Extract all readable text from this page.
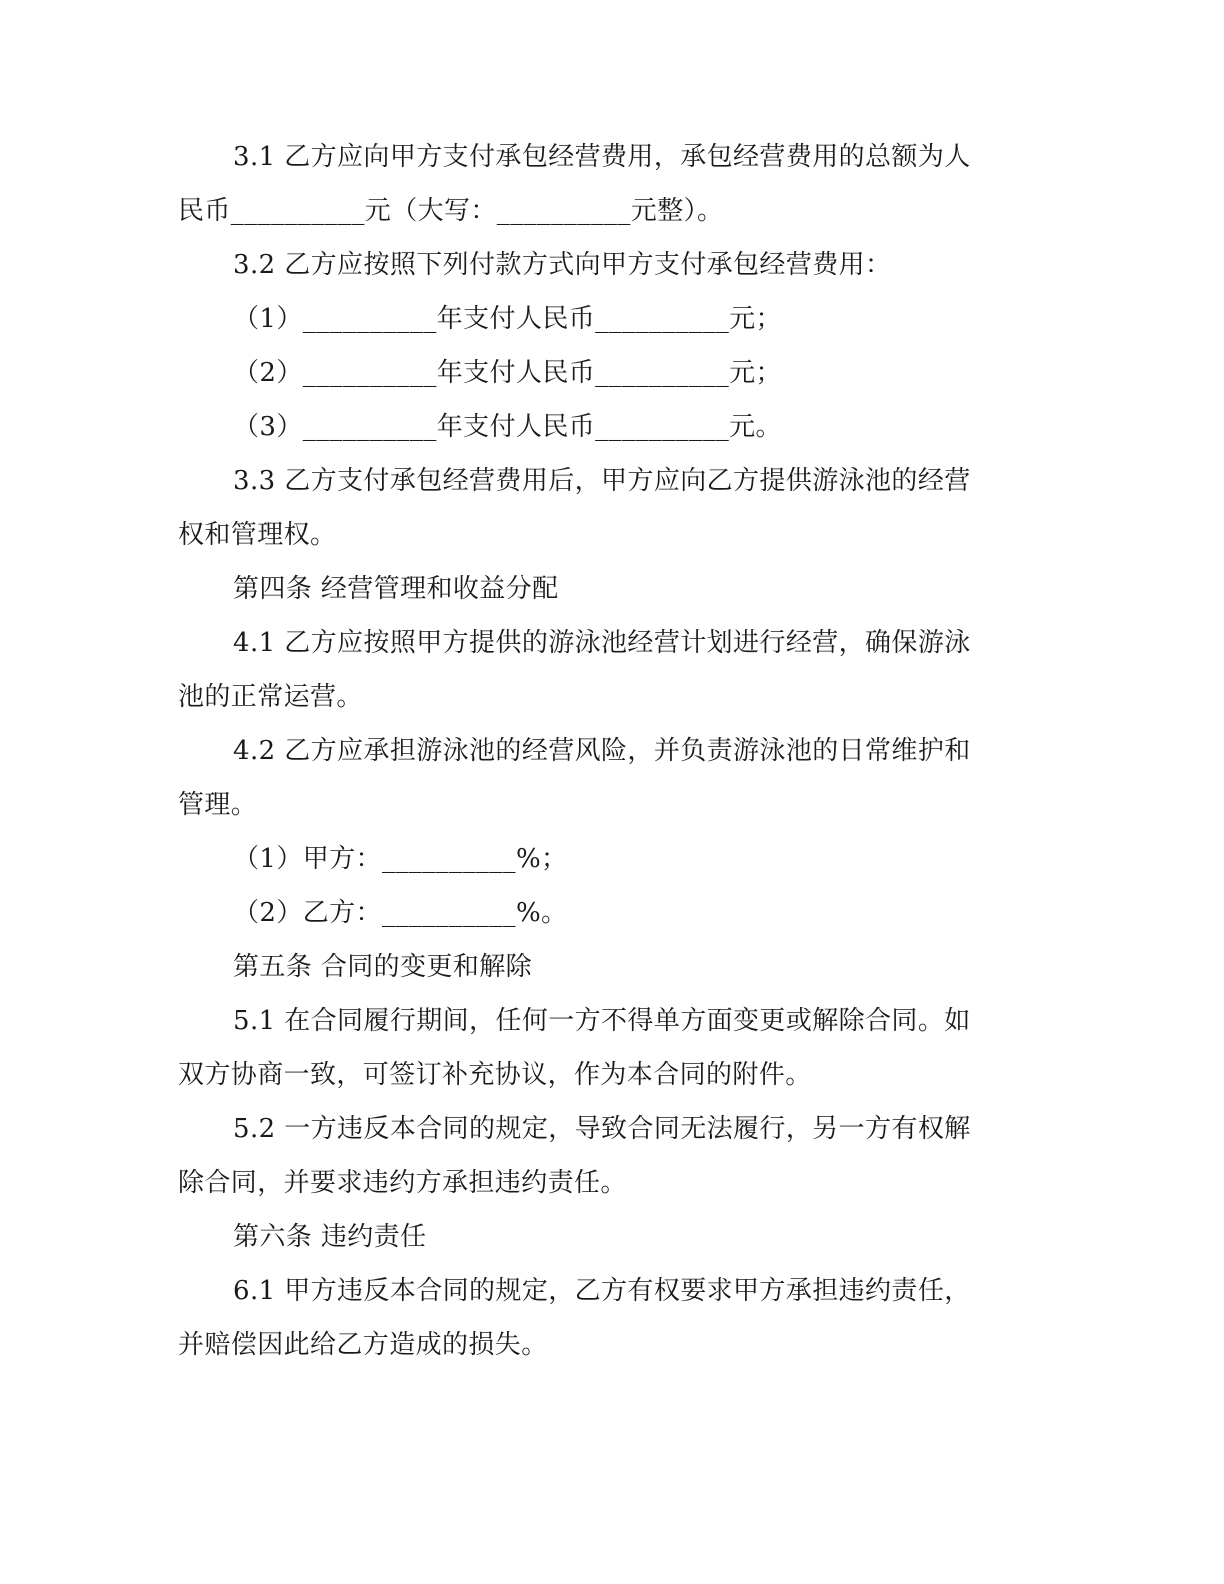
3.1 乙方应向甲方支付承包经营费用，承包经营费用的总额为人
民币__________元（大写：__________元整）。
3.2 乙方应按照下列付款方式向甲方支付承包经营费用：
（1）__________年支付人民币__________元；
（2）__________年支付人民币__________元；
（3）__________年支付人民币__________元。
3.3 乙方支付承包经营费用后，甲方应向乙方提供游泳池的经营
权和管理权。
第四条 经营管理和收益分配
4.1 乙方应按照甲方提供的游泳池经营计划进行经营，确保游泳
池的正常运营。
4.2 乙方应承担游泳池的经营风险，并负责游泳池的日常维护和
管理。
（1）甲方：__________%；
（2）乙方：__________%。
第五条 合同的变更和解除
5.1 在合同履行期间，任何一方不得单方面变更或解除合同。如
双方协商一致，可签订补充协议，作为本合同的附件。
5.2 一方违反本合同的规定，导致合同无法履行，另一方有权解
除合同，并要求违约方承担违约责任。
第六条 违约责任
6.1 甲方违反本合同的规定，乙方有权要求甲方承担违约责任，
并赔偿因此给乙方造成的损失。
